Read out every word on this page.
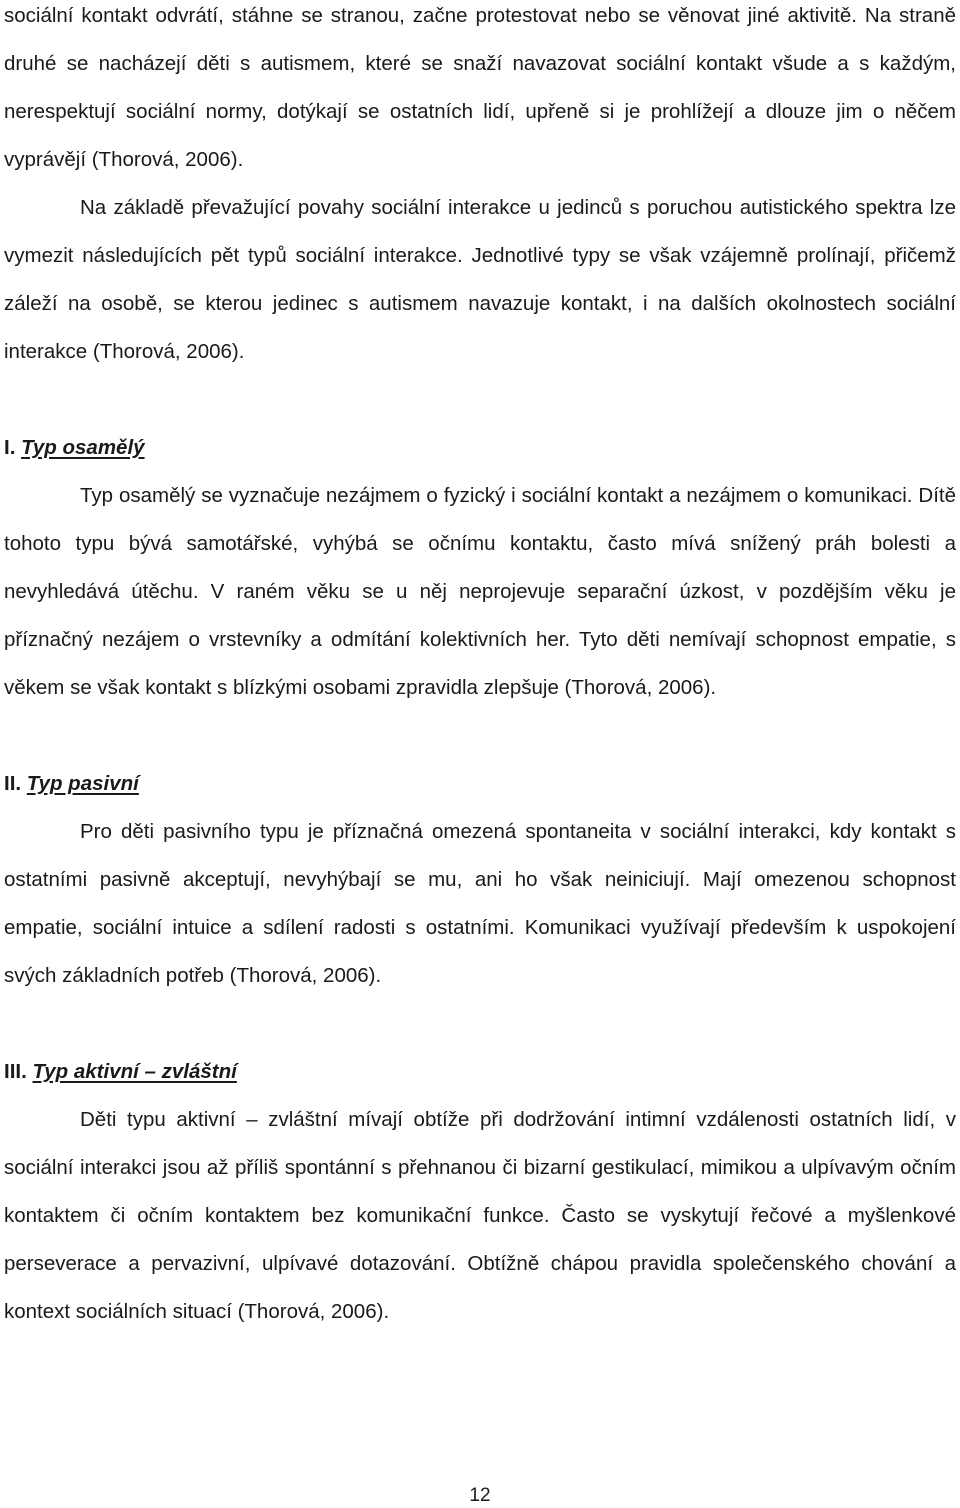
sociální kontakt odvrátí, stáhne se stranou, začne protestovat nebo se věnovat jiné aktivitě. Na straně druhé se nacházejí děti s autismem, které se snaží navazovat sociální kontakt všude a s každým, nerespektují sociální normy, dotýkají se ostatních lidí, upřeně si je prohlížejí a dlouze jim o něčem vyprávějí (Thorová, 2006).

Na základě převažující povahy sociální interakce u jedinců s poruchou autistického spektra lze vymezit následujících pět typů sociální interakce. Jednotlivé typy se však vzájemně prolínají, přičemž záleží na osobě, se kterou jedinec s autismem navazuje kontakt, i na dalších okolnostech sociální interakce (Thorová, 2006).

I. Typ osamělý

Typ osamělý se vyznačuje nezájmem o fyzický i sociální kontakt a nezájmem o komunikaci. Dítě tohoto typu bývá samotářské, vyhýbá se očnímu kontaktu, často mívá snížený práh bolesti a nevyhledává útěchu. V raném věku se u něj neprojevuje separační úzkost, v pozdějším věku je příznačný nezájem o vrstevníky a odmítání kolektivních her. Tyto děti nemívají schopnost empatie, s věkem se však kontakt s blízkými osobami zpravidla zlepšuje (Thorová, 2006).

II. Typ pasivní

Pro děti pasivního typu je příznačná omezená spontaneita v sociální interakci, kdy kontakt s ostatními pasivně akceptují, nevyhýbají se mu, ani ho však neiniciují. Mají omezenou schopnost empatie, sociální intuice a sdílení radosti s ostatními. Komunikaci využívají především k uspokojení svých základních potřeb (Thorová, 2006).

III. Typ aktivní – zvláštní

Děti typu aktivní – zvláštní mívají obtíže při dodržování intimní vzdálenosti ostatních lidí, v sociální interakci jsou až příliš spontánní s přehnanou či bizarní gestikulací, mimikou a ulpívavým očním kontaktem či očním kontaktem bez komunikační funkce. Často se vyskytují řečové a myšlenkové perseverace a pervazivní, ulpívavé dotazování. Obtížně chápou pravidla společenského chování a kontext sociálních situací (Thorová, 2006).

12
